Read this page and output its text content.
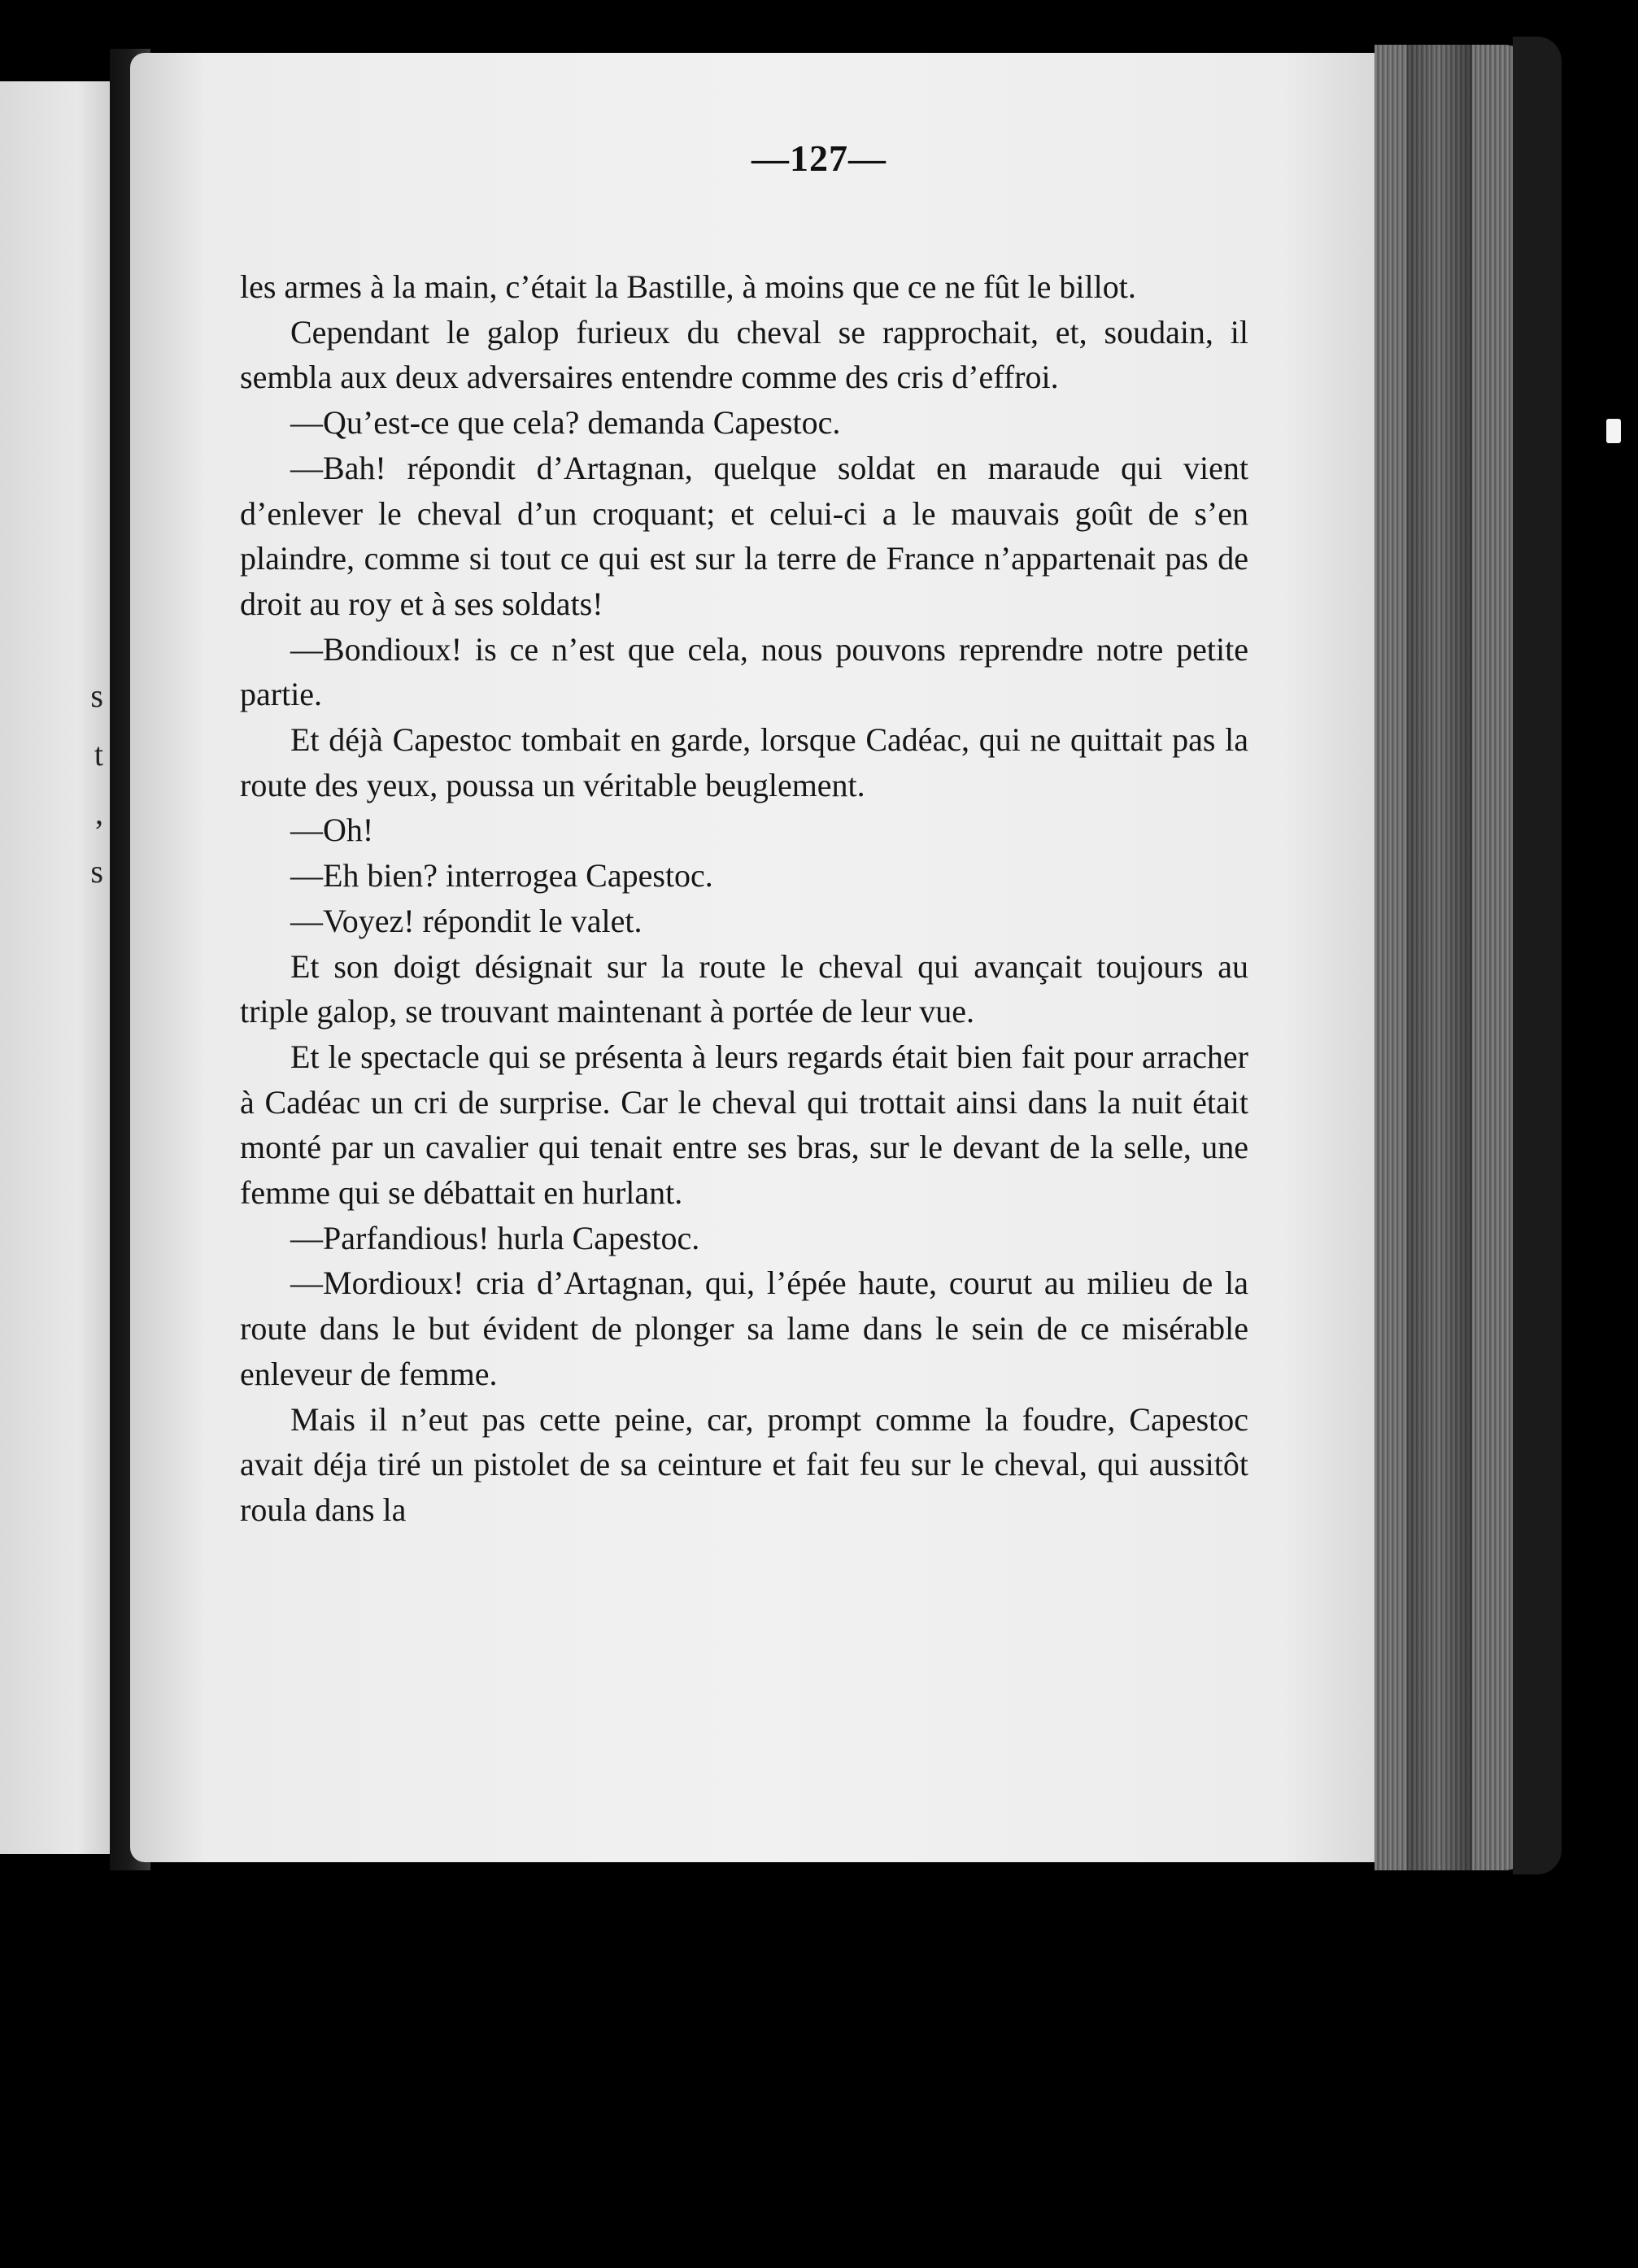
s
t
,
s
—127—

les armes à la main, c’était la Bastille, à moins que ce ne fût le billot.

Cependant le galop furieux du cheval se rapprochait, et, soudain, il sembla aux deux adversaires entendre comme des cris d’effroi.

—Qu’est-ce que cela? demanda Capestoc.

—Bah! répondit d’Artagnan, quelque soldat en maraude qui vient d’enlever le cheval d’un croquant; et celui-ci a le mauvais goût de s’en plaindre, comme si tout ce qui est sur la terre de France n’appartenait pas de droit au roy et à ses soldats!

—Bondioux! is ce n’est que cela, nous pouvons reprendre notre petite partie.

Et déjà Capestoc tombait en garde, lorsque Cadéac, qui ne quittait pas la route des yeux, poussa un véritable beuglement.

—Oh!

—Eh bien? interrogea Capestoc.

—Voyez! répondit le valet.

Et son doigt désignait sur la route le cheval qui avançait toujours au triple galop, se trouvant maintenant à portée de leur vue.

Et le spectacle qui se présenta à leurs regards était bien fait pour arracher à Cadéac un cri de surprise. Car le cheval qui trottait ainsi dans la nuit était monté par un cavalier qui tenait entre ses bras, sur le devant de la selle, une femme qui se débattait en hurlant.

—Parfandious! hurla Capestoc.

—Mordioux! cria d’Artagnan, qui, l’épée haute, courut au milieu de la route dans le but évident de plonger sa lame dans le sein de ce misérable enleveur de femme.

Mais il n’eut pas cette peine, car, prompt comme la foudre, Capestoc avait déja tiré un pistolet de sa ceinture et fait feu sur le cheval, qui aussitôt roula dans la
